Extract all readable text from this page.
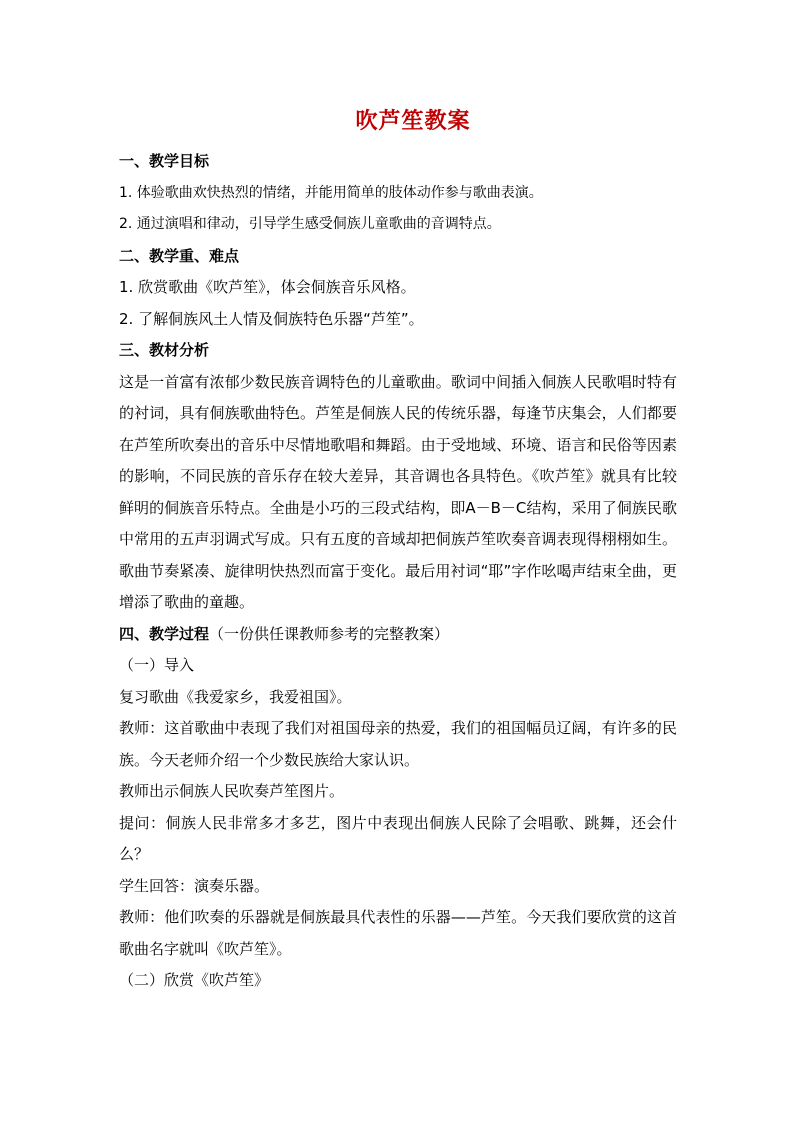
吹芦笙教案
一、教学目标
1. 体验歌曲欢快热烈的情绪，并能用简单的肢体动作参与歌曲表演。
2. 通过演唱和律动，引导学生感受侗族儿童歌曲的音调特点。
二、教学重、难点
1. 欣赏歌曲《吹芦笙》，体会侗族音乐风格。
2. 了解侗族风土人情及侗族特色乐器“芦笙”。
三、教材分析
这是一首富有浓郁少数民族音调特色的儿童歌曲。歌词中间插入侗族人民歌唱时特有的衬词，具有侗族歌曲特色。芦笙是侗族人民的传统乐器，每逢节庆集会，人们都要在芦笙所吹奏出的音乐中尽情地歌唱和舞蹈。由于受地域、环境、语言和民俗等因素的影响，不同民族的音乐存在较大差异，其音调也各具特色。《吹芦笙》就具有比较鲜明的侗族音乐特点。全曲是小巧的三段式结构，即A－B－C结构，采用了侗族民歌中常用的五声羽调式写成。只有五度的音域却把侗族芦笙吹奏音调表现得栩栩如生。歌曲节奏紧凑、旋律明快热烈而富于变化。最后用衬词“耶”字作吆喝声结束全曲，更增添了歌曲的童趣。
四、教学过程（一份供任课教师参考的完整教案）
（一）导入
复习歌曲《我爱家乡，我爱祖国》。
教师：这首歌曲中表现了我们对祖国母亲的热爱，我们的祖国幅员辽阔，有许多的民族。今天老师介绍一个少数民族给大家认识。
教师出示侗族人民吹奏芦笙图片。
提问：侗族人民非常多才多艺，图片中表现出侗族人民除了会唱歌、跳舞，还会什么？
学生回答：演奏乐器。
教师：他们吹奏的乐器就是侗族最具代表性的乐器——芦笙。今天我们要欣赏的这首歌曲名字就叫《吹芦笙》。
（二）欣赏《吹芦笙》
